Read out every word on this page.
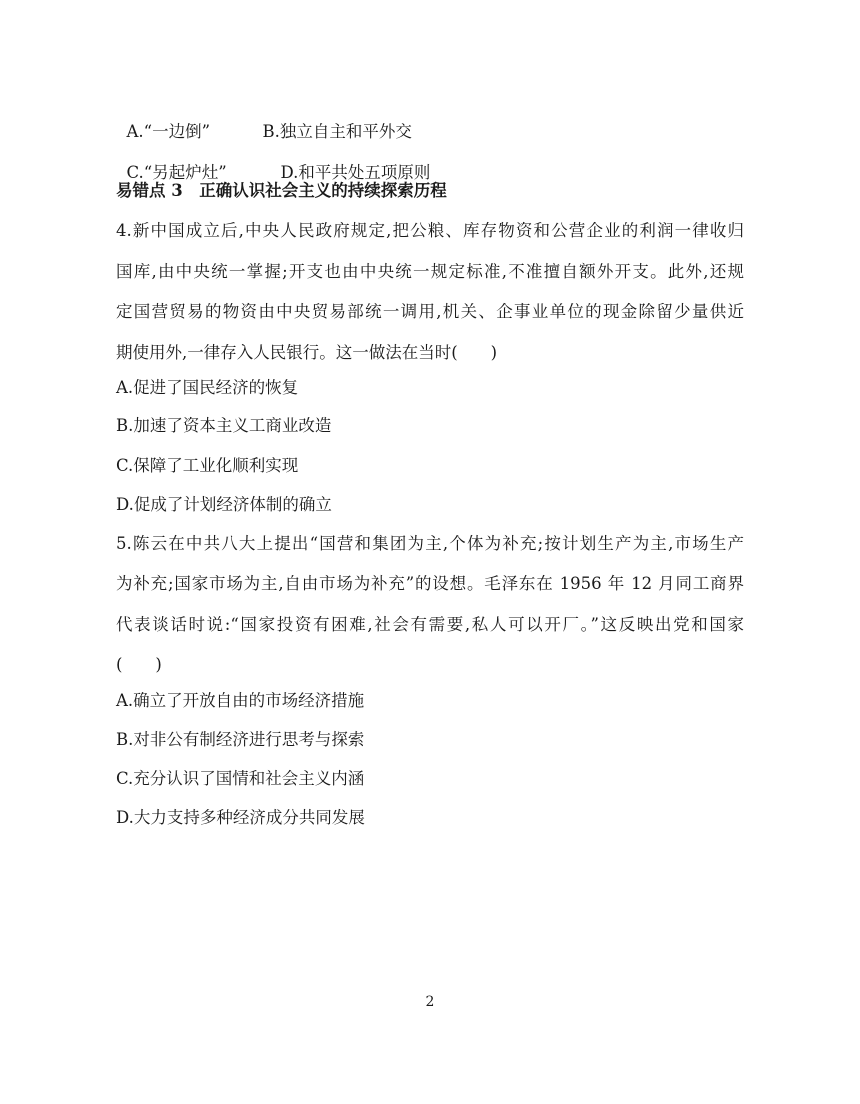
A.“一边倒”	B.独立自主和平外交

C.“另起炉灶”	D.和平共处五项原则

易错点 3　正确认识社会主义的持续探索历程
4.新中国成立后,中央人民政府规定,把公粮、库存物资和公营企业的利润一律收归
国库,由中央统一掌握;开支也由中央统一规定标准,不准擅自额外开支。此外,还规
定国营贸易的物资由中央贸易部统一调用,机关、企事业单位的现金除留少量供近
期使用外,一律存入人民银行。这一做法在当时(　　)
A.促进了国民经济的恢复
B.加速了资本主义工商业改造
C.保障了工业化顺利实现
D.促成了计划经济体制的确立
5.陈云在中共八大上提出“国营和集团为主,个体为补充;按计划生产为主,市场生产
为补充;国家市场为主,自由市场为补充”的设想。毛泽东在 1956 年 12 月同工商界
代表谈话时说:“国家投资有困难,社会有需要,私人可以开厂。”这反映出党和国家
(　　)
A.确立了开放自由的市场经济措施
B.对非公有制经济进行思考与探索
C.充分认识了国情和社会主义内涵
D.大力支持多种经济成分共同发展
2
